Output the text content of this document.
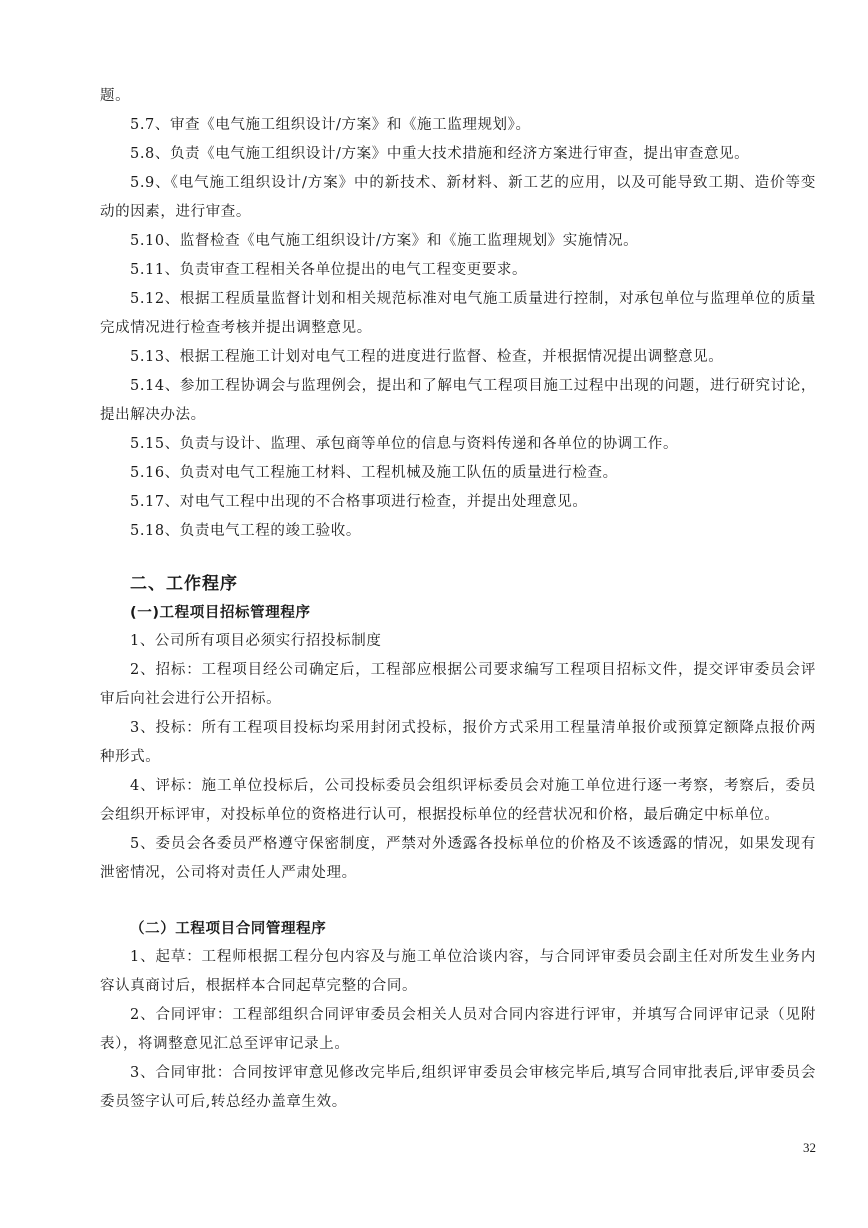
题。

5.7、审查《电气施工组织设计/方案》和《施工监理规划》。

5.8、负责《电气施工组织设计/方案》中重大技术措施和经济方案进行审查，提出审查意见。

5.9、《电气施工组织设计/方案》中的新技术、新材料、新工艺的应用，以及可能导致工期、造价等变动的因素，进行审查。

5.10、监督检查《电气施工组织设计/方案》和《施工监理规划》实施情况。

5.11、负责审查工程相关各单位提出的电气工程变更要求。

5.12、根据工程质量监督计划和相关规范标准对电气施工质量进行控制，对承包单位与监理单位的质量完成情况进行检查考核并提出调整意见。

5.13、根据工程施工计划对电气工程的进度进行监督、检查，并根据情况提出调整意见。

5.14、参加工程协调会与监理例会，提出和了解电气工程项目施工过程中出现的问题，进行研究讨论，提出解决办法。

5.15、负责与设计、监理、承包商等单位的信息与资料传递和各单位的协调工作。

5.16、负责对电气工程施工材料、工程机械及施工队伍的质量进行检查。

5.17、对电气工程中出现的不合格事项进行检查，并提出处理意见。

5.18、负责电气工程的竣工验收。

二、工作程序

(一)工程项目招标管理程序

1、公司所有项目必须实行招投标制度

2、招标：工程项目经公司确定后，工程部应根据公司要求编写工程项目招标文件，提交评审委员会评审后向社会进行公开招标。

3、投标：所有工程项目投标均采用封闭式投标，报价方式采用工程量清单报价或预算定额降点报价两种形式。

4、评标：施工单位投标后，公司投标委员会组织评标委员会对施工单位进行逐一考察，考察后，委员会组织开标评审，对投标单位的资格进行认可，根据投标单位的经营状况和价格，最后确定中标单位。

5、委员会各委员严格遵守保密制度，严禁对外透露各投标单位的价格及不该透露的情况，如果发现有泄密情况，公司将对责任人严肃处理。

（二）工程项目合同管理程序

1、起草：工程师根据工程分包内容及与施工单位洽谈内容，与合同评审委员会副主任对所发生业务内容认真商讨后，根据样本合同起草完整的合同。

2、合同评审：工程部组织合同评审委员会相关人员对合同内容进行评审，并填写合同评审记录（见附表），将调整意见汇总至评审记录上。

3、合同审批：合同按评审意见修改完毕后,组织评审委员会审核完毕后,填写合同审批表后,评审委员会委员签字认可后,转总经办盖章生效。

32
